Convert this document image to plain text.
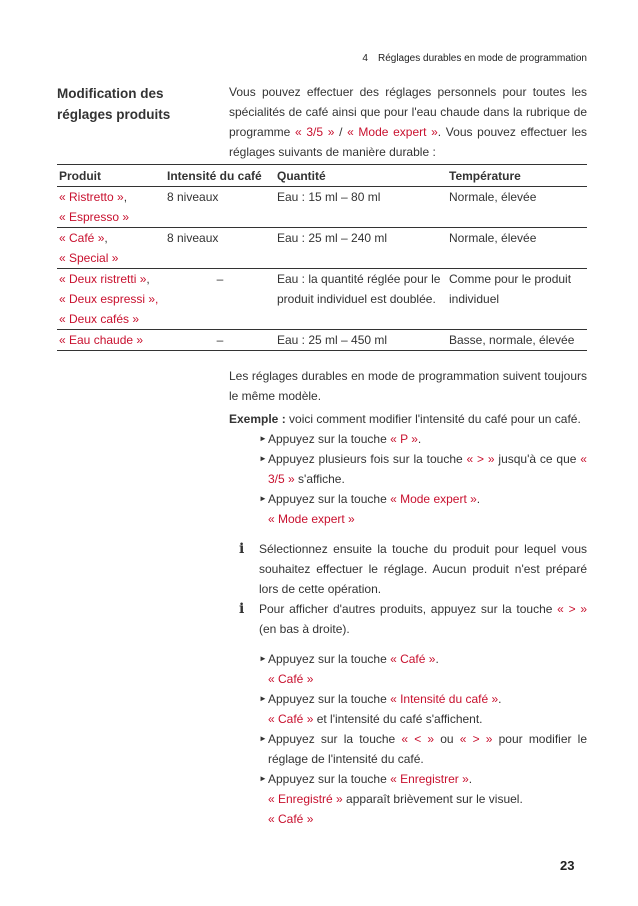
4 Réglages durables en mode de programmation
Modification des réglages produits
Vous pouvez effectuer des réglages personnels pour toutes les spécialités de café ainsi que pour l'eau chaude dans la rubrique de programme « 3/5 » / « Mode expert ». Vous pouvez effectuer les réglages suivants de manière durable :
Produit	Intensité du café	Quantité	Température
« Ristretto »,
« Espresso »	8 niveaux	Eau : 15 ml – 80 ml	Normale, élevée
« Café »,
« Special »	8 niveaux	Eau : 25 ml – 240 ml	Normale, élevée
« Deux ristretti »,
« Deux espressi »,
« Deux cafés »	–	Eau : la quantité réglée pour le produit individuel est doublée.	Comme pour le produit individuel
« Eau chaude »	–	Eau : 25 ml – 450 ml	Basse, normale, élevée
Les réglages durables en mode de programmation suivent toujours le même modèle.
Exemple : voici comment modifier l'intensité du café pour un café.
► Appuyez sur la touche « P ».
► Appuyez plusieurs fois sur la touche « > » jusqu'à ce que « 3/5 » s'affiche.
► Appuyez sur la touche « Mode expert ».
« Mode expert »
i Sélectionnez ensuite la touche du produit pour lequel vous souhaitez effectuer le réglage. Aucun produit n'est préparé lors de cette opération.
i Pour afficher d'autres produits, appuyez sur la touche « > » (en bas à droite).
► Appuyez sur la touche « Café ».
« Café »
► Appuyez sur la touche « Intensité du café ».
« Café » et l'intensité du café s'affichent.
► Appuyez sur la touche « < » ou « > » pour modifier le réglage de l'intensité du café.
► Appuyez sur la touche « Enregistrer ».
« Enregistré » apparaît brièvement sur le visuel.
« Café »
23
